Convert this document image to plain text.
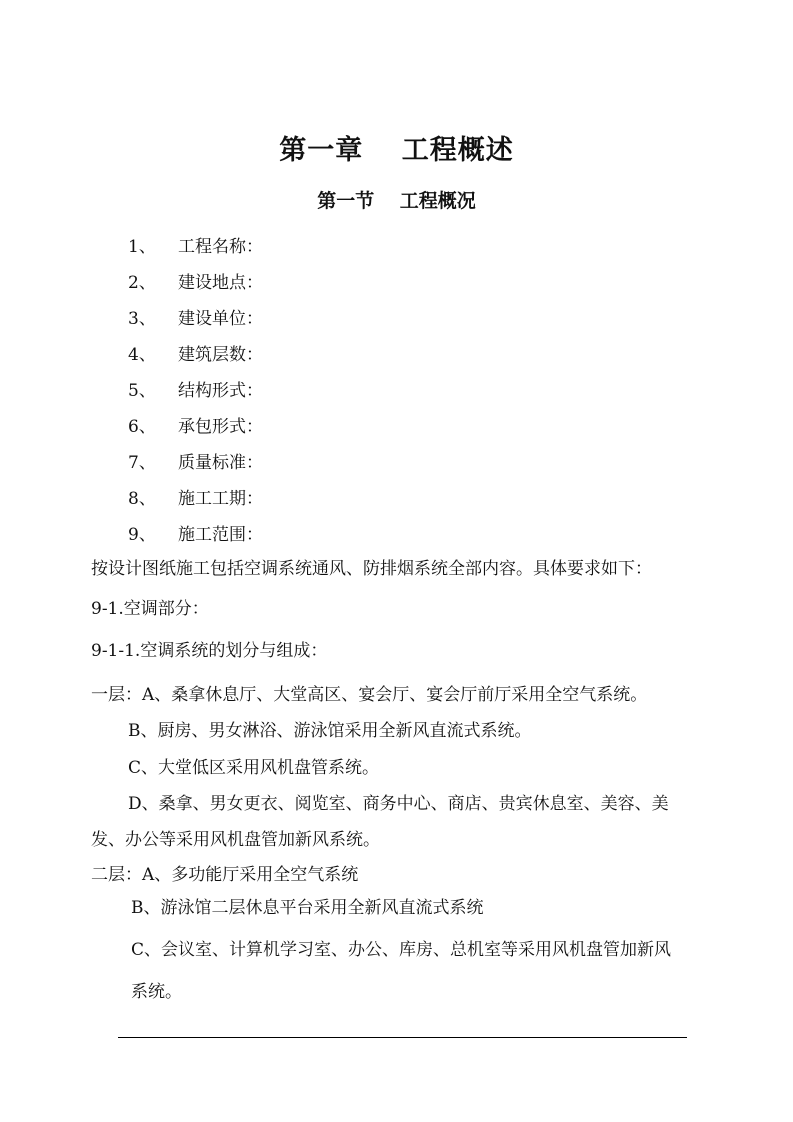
第一章　 工程概述
第一节　 工程概况
1、 工程名称：
2、 建设地点：
3、 建设单位：
4、 建筑层数：
5、 结构形式：
6、 承包形式：
7、 质量标准：
8、 施工工期：
9、 施工范围：
按设计图纸施工包括空调系统通风、防排烟系统全部内容。具体要求如下：
9-1.空调部分：
9-1-1.空调系统的划分与组成：
一层：A、桑拿休息厅、大堂高区、宴会厅、宴会厅前厅采用全空气系统。
B、厨房、男女淋浴、游泳馆采用全新风直流式系统。
C、大堂低区采用风机盘管系统。
D、桑拿、男女更衣、阅览室、商务中心、商店、贵宾休息室、美容、美
发、办公等采用风机盘管加新风系统。
二层：A、多功能厅采用全空气系统
B、游泳馆二层休息平台采用全新风直流式系统
C、会议室、计算机学习室、办公、库房、总机室等采用风机盘管加新风
系统。
